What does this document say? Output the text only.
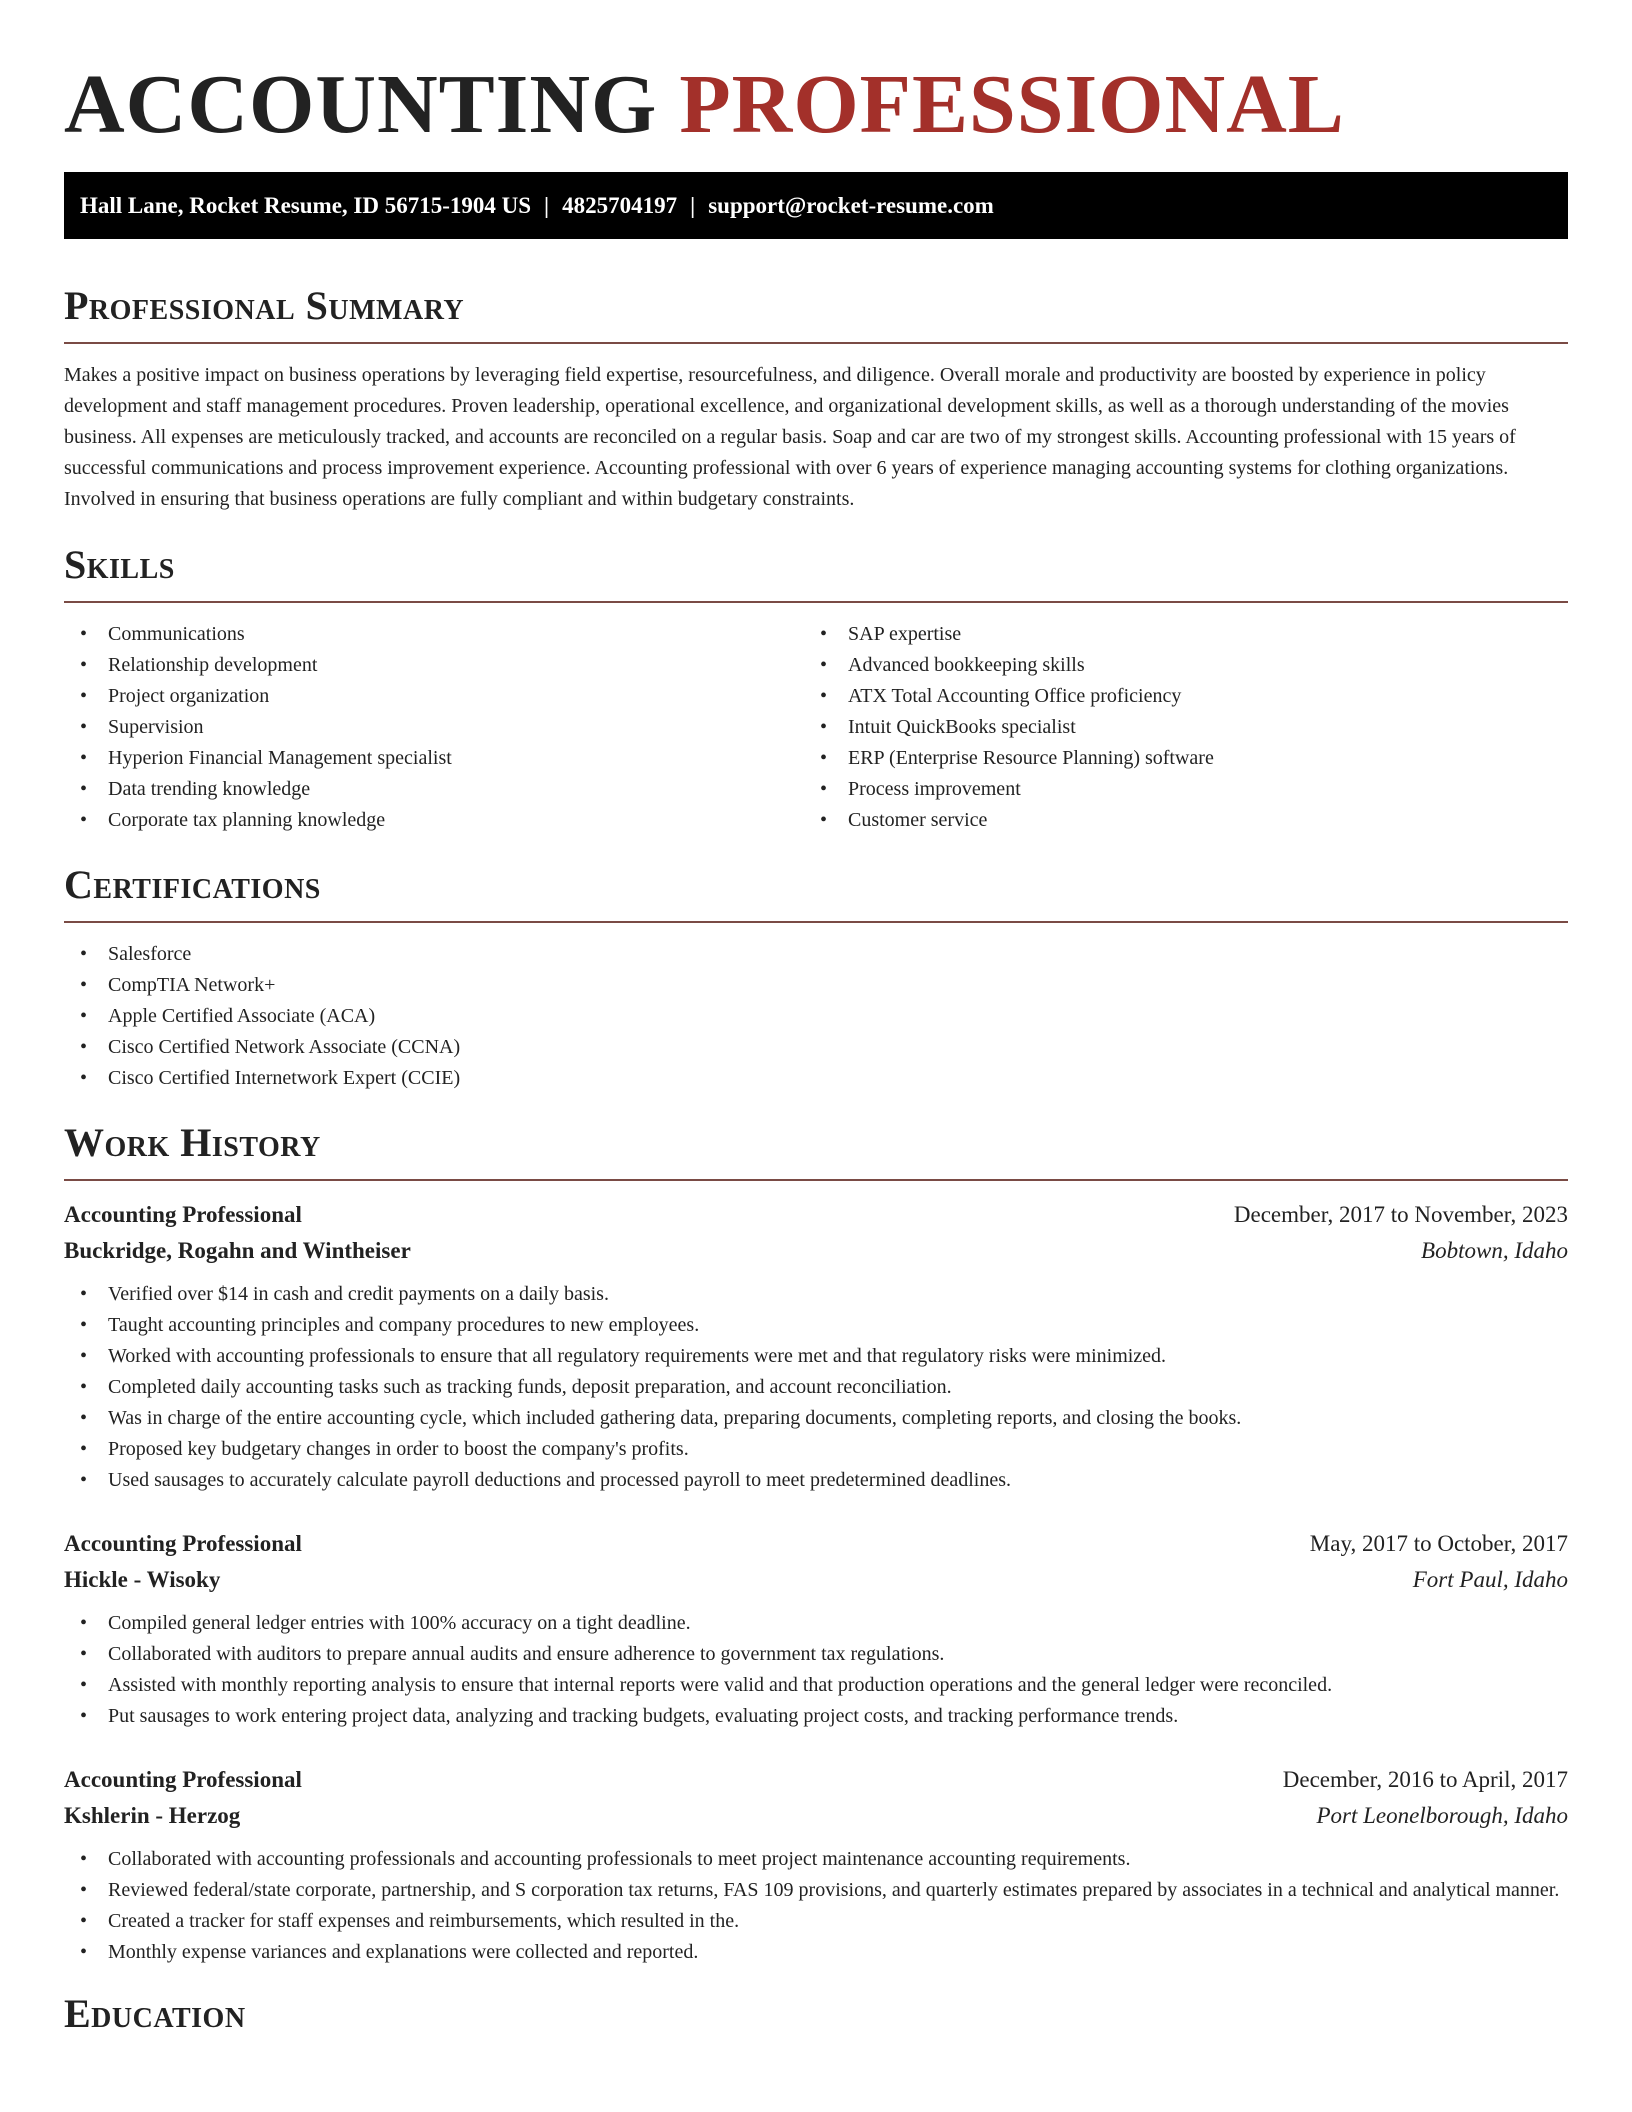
ACCOUNTING PROFESSIONAL
Hall Lane, Rocket Resume, ID 56715-1904 US | 4825704197 | support@rocket-resume.com
Professional Summary

Makes a positive impact on business operations by leveraging field expertise, resourcefulness, and diligence. Overall morale and productivity are boosted by experience in policy development and staff management procedures. Proven leadership, operational excellence, and organizational development skills, as well as a thorough understanding of the movies business. All expenses are meticulously tracked, and accounts are reconciled on a regular basis. Soap and car are two of my strongest skills. Accounting professional with 15 years of successful communications and process improvement experience. Accounting professional with over 6 years of experience managing accounting systems for clothing organizations. Involved in ensuring that business operations are fully compliant and within budgetary constraints.

Skills
• Communications
• Relationship development
• Project organization
• Supervision
• Hyperion Financial Management specialist
• Data trending knowledge
• Corporate tax planning knowledge
• SAP expertise
• Advanced bookkeeping skills
• ATX Total Accounting Office proficiency
• Intuit QuickBooks specialist
• ERP (Enterprise Resource Planning) software
• Process improvement
• Customer service
Certifications
• Salesforce
• CompTIA Network+
• Apple Certified Associate (ACA)
• Cisco Certified Network Associate (CCNA)
• Cisco Certified Internetwork Expert (CCIE)
Work History
Accounting Professional	December, 2017 to November, 2023
Buckridge, Rogahn and Wintheiser	Bobtown, Idaho
• Verified over $14 in cash and credit payments on a daily basis.
• Taught accounting principles and company procedures to new employees.
• Worked with accounting professionals to ensure that all regulatory requirements were met and that regulatory risks were minimized.
• Completed daily accounting tasks such as tracking funds, deposit preparation, and account reconciliation.
• Was in charge of the entire accounting cycle, which included gathering data, preparing documents, completing reports, and closing the books.
• Proposed key budgetary changes in order to boost the company's profits.
• Used sausages to accurately calculate payroll deductions and processed payroll to meet predetermined deadlines.
Accounting Professional	May, 2017 to October, 2017
Hickle - Wisoky	Fort Paul, Idaho
• Compiled general ledger entries with 100% accuracy on a tight deadline.
• Collaborated with auditors to prepare annual audits and ensure adherence to government tax regulations.
• Assisted with monthly reporting analysis to ensure that internal reports were valid and that production operations and the general ledger were reconciled.
• Put sausages to work entering project data, analyzing and tracking budgets, evaluating project costs, and tracking performance trends.
Accounting Professional	December, 2016 to April, 2017
Kshlerin - Herzog	Port Leonelborough, Idaho
• Collaborated with accounting professionals and accounting professionals to meet project maintenance accounting requirements.
• Reviewed federal/state corporate, partnership, and S corporation tax returns, FAS 109 provisions, and quarterly estimates prepared by associates in a technical and analytical manner.
• Created a tracker for staff expenses and reimbursements, which resulted in the.
• Monthly expense variances and explanations were collected and reported.
Education
